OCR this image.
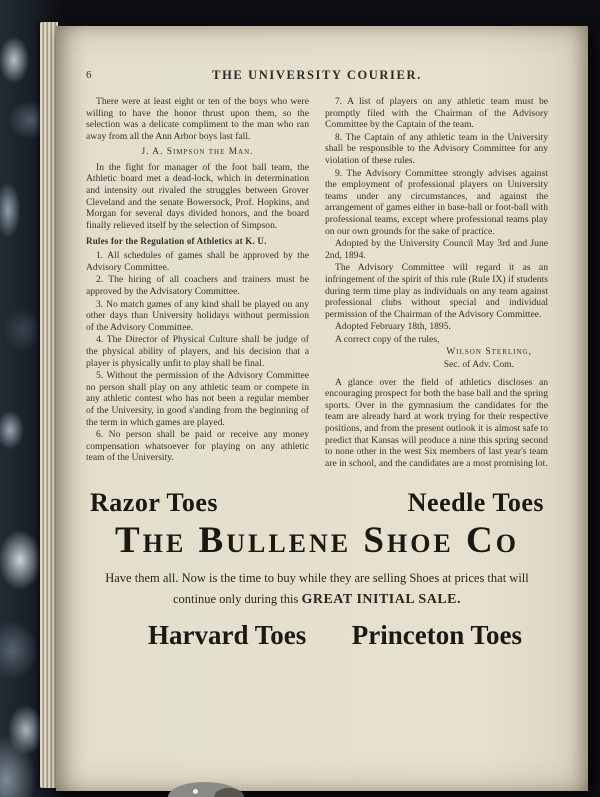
6	THE UNIVERSITY COURIER.

There were at least eight or ten of the boys who were willing to have the honor thrust upon them, so the selection was a delicate compliment to the man who ran away from all the Ann Arbor boys last fall.

J. A. Simpson the Man.

In the fight for manager of the foot ball team, the Athletic board met a dead-lock, which in determination and intensity out rivaled the struggles between Grover Cleveland and the senate Bowersock, Prof. Hopkins, and Morgan for several days divided honors, and the board finally relieved itself by the selection of Simpson.

Rules for the Regulation of Athletics at K. U.

1. All schedules of games shall be approved by the Advisory Committee.

2. The hiring of all coachers and trainers must be approved by the Advisatory Committee.

3. No match games of any kind shall be played on any other days than University holidays without permission of the Advisory Committee.

4. The Director of Physical Culture shall be judge of the physical ability of players, and his decision that a player is physically unfit to play shall be final.

5. Without the permission of the Advisory Committee no person shall play on any athletic team or compete in any athletic contest who has not been a regular member of the University, in good s'anding from the beginning of the term in which games are played.

6. No person shall be paid or receive any money compensation whatsoever for playing on any athletic team of the University.

7. A list of players on any athletic team must be promptly filed with the Chairman of the Advisory Committee by the Captain of the team.

8. The Captain of any athletic team in the University shall be responsible to the Advisory Committee for any violation of these rules.

9. The Advisory Committee strongly advises against the employment of professional players on University teams under any circumstances, and against the arrangement of games either in base-ball or foot-ball with professional teams, except where professional teams play on our own grounds for the sake of practice.

Adopted by the University Council May 3rd and June 2nd, 1894.

The Advisory Committee will regard it as an infringement of the spirit of this rule (Rule IX) if students during term time play as individuals on any team against professional clubs without special and individual permission of the Chairman of the Advisory Committee.

Adopted February 18th, 1895.

A correct copy of the rules,

Wilson Sterling,

Sec. of Adv. Com.

A glance over the field of athletics discloses an encouraging prospect for both the base ball and the spring sports. Over in the gymnasium the candidates for the team are already hard at work trying for their respective positions, and from the present outlook it is almost safe to predict that Kansas will produce a nine this spring second to none other in the west Six members of last year's team are in school, and the candidates are a most promising lot.

Razor Toes	Needle Toes
The Bullene Shoe Co
Have them all. Now is the time to buy while they are selling Shoes at prices that will continue only during this GREAT INITIAL SALE.
Harvard Toes Princeton Toes
